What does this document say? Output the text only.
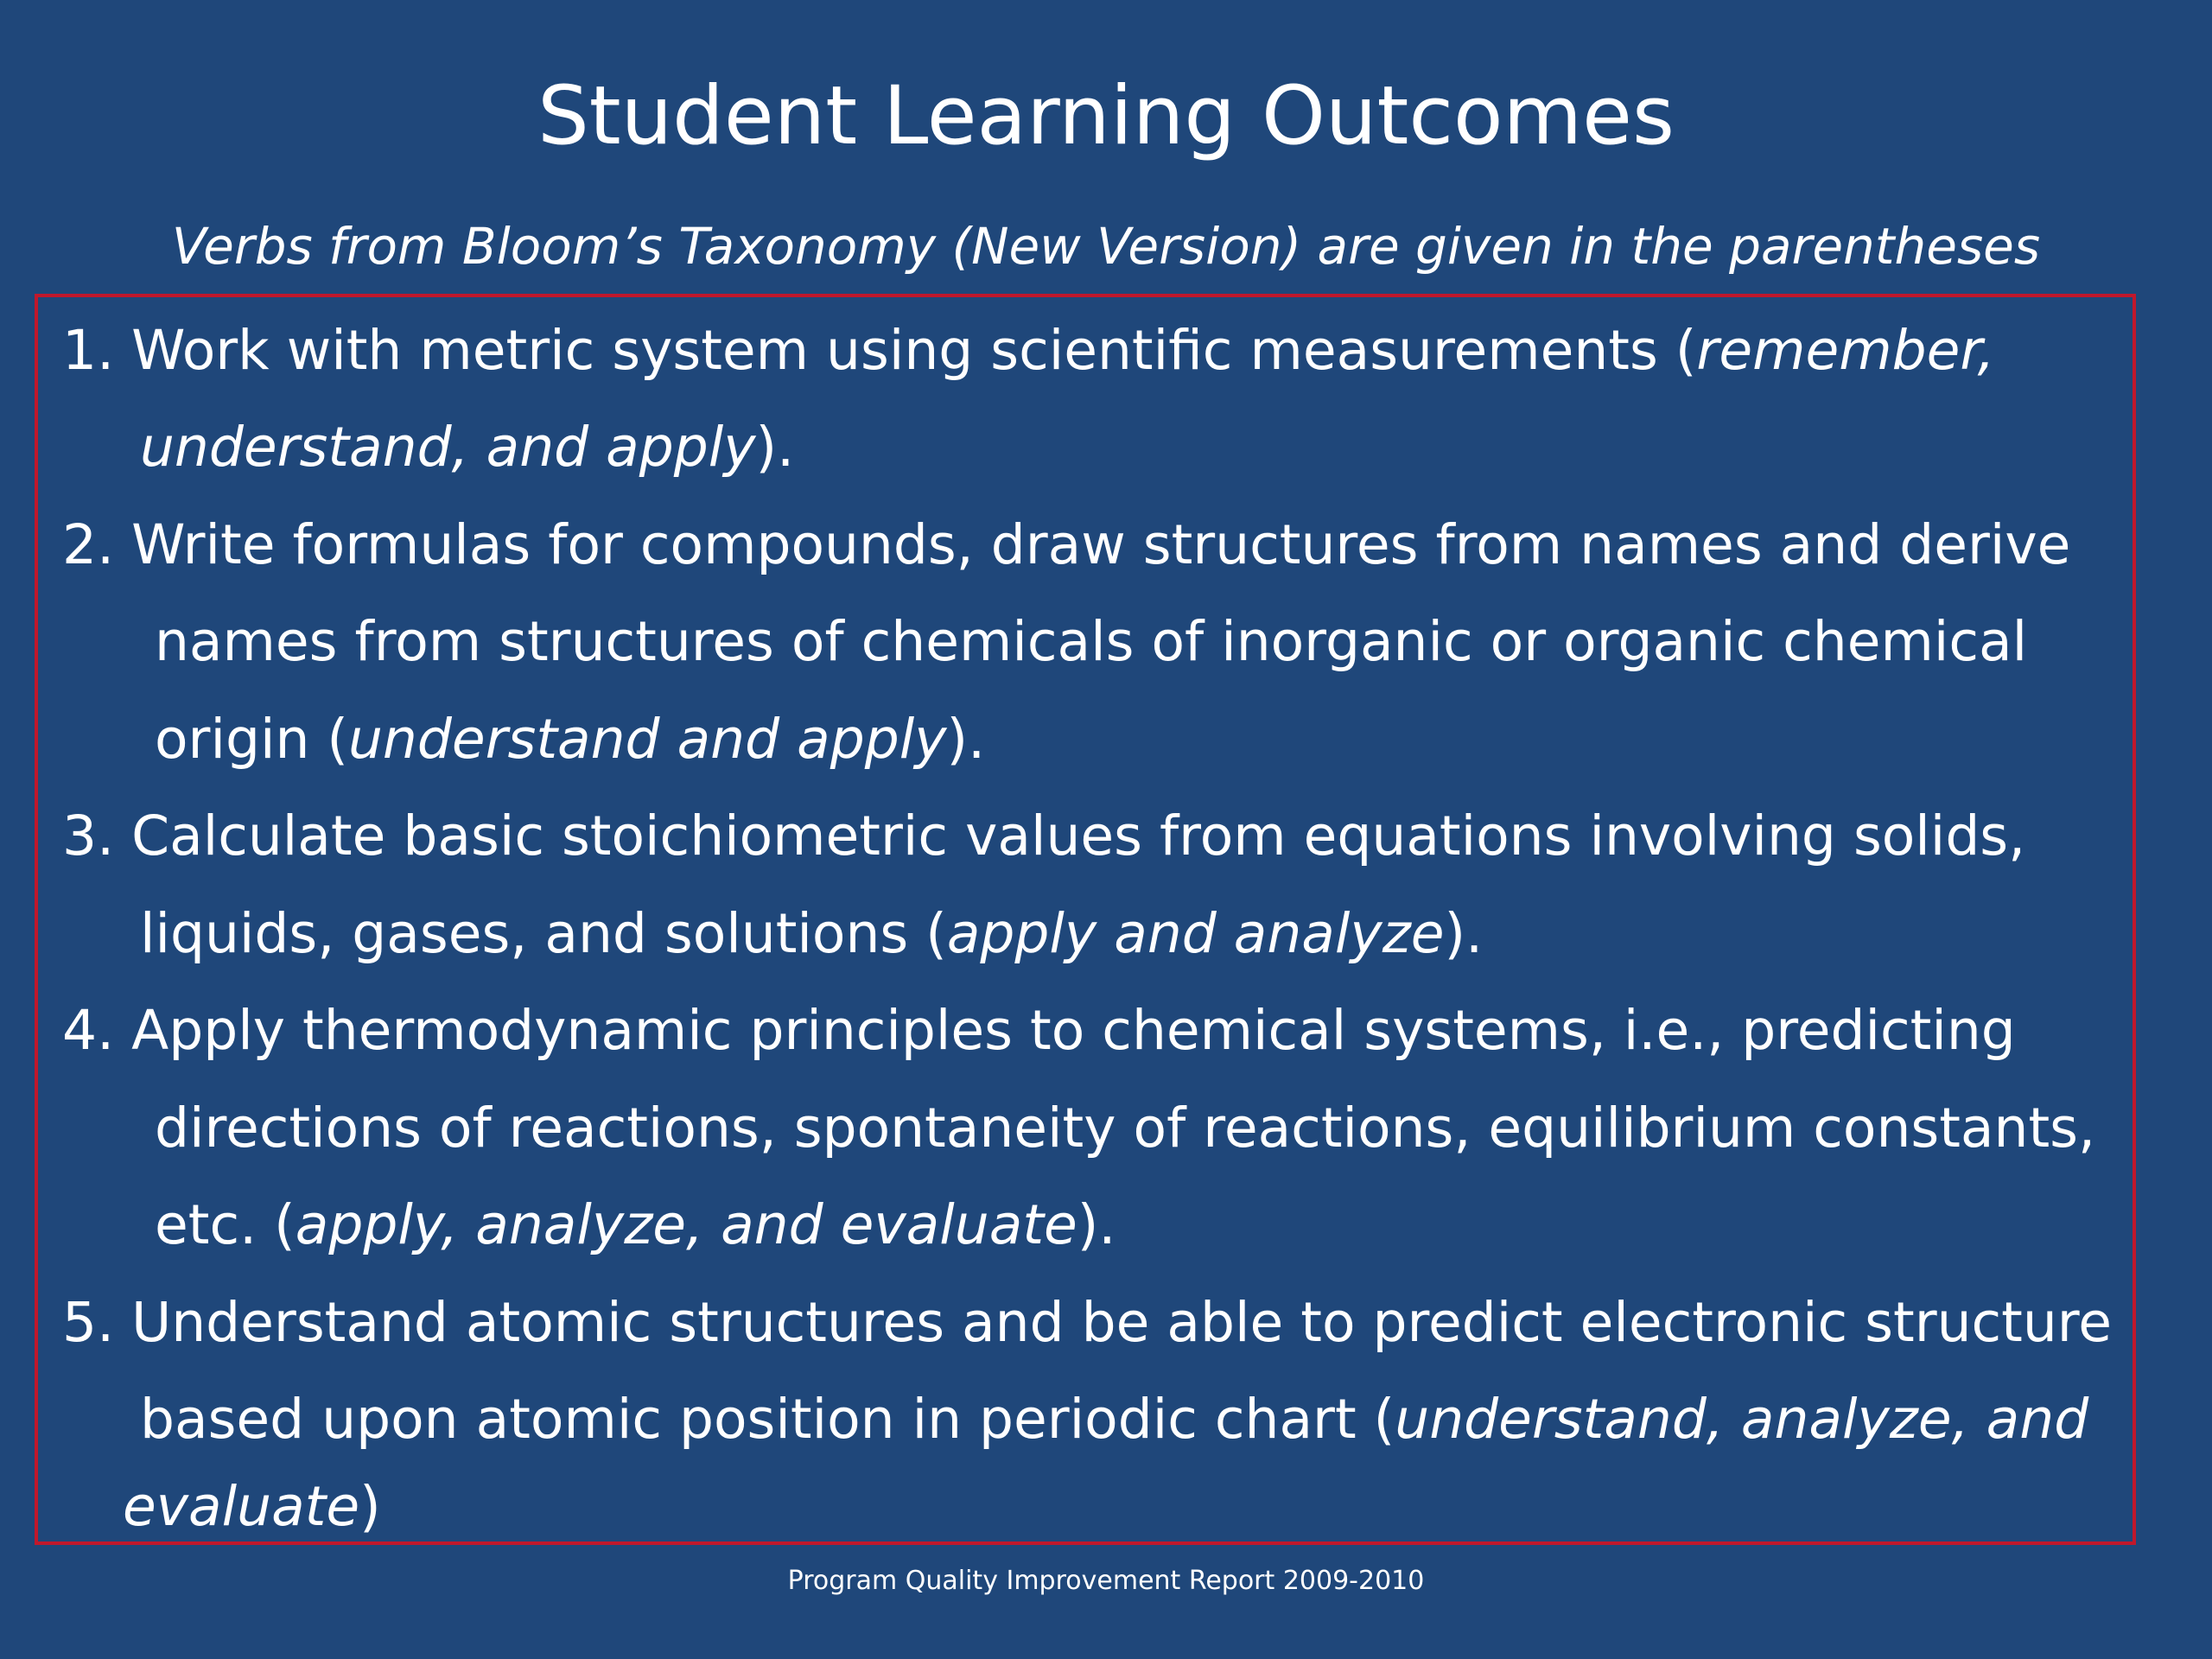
Student Learning Outcomes
Verbs from Bloom’s Taxonomy (New Version) are given in the parentheses
1. Work with metric system using scientific measurements (remember,
understand, and apply).
2. Write formulas for compounds, draw structures from names and derive
names from structures of chemicals of inorganic or organic chemical
origin (understand and apply).
3. Calculate basic stoichiometric values from equations involving solids,
liquids, gases, and solutions (apply and analyze).
4. Apply thermodynamic principles to chemical systems, i.e., predicting
directions of reactions, spontaneity of reactions, equilibrium constants,
etc. (apply, analyze, and evaluate).
5. Understand atomic structures and be able to predict electronic structure
based upon atomic position in periodic chart (understand, analyze, and
evaluate)
Program Quality Improvement Report 2009-2010
